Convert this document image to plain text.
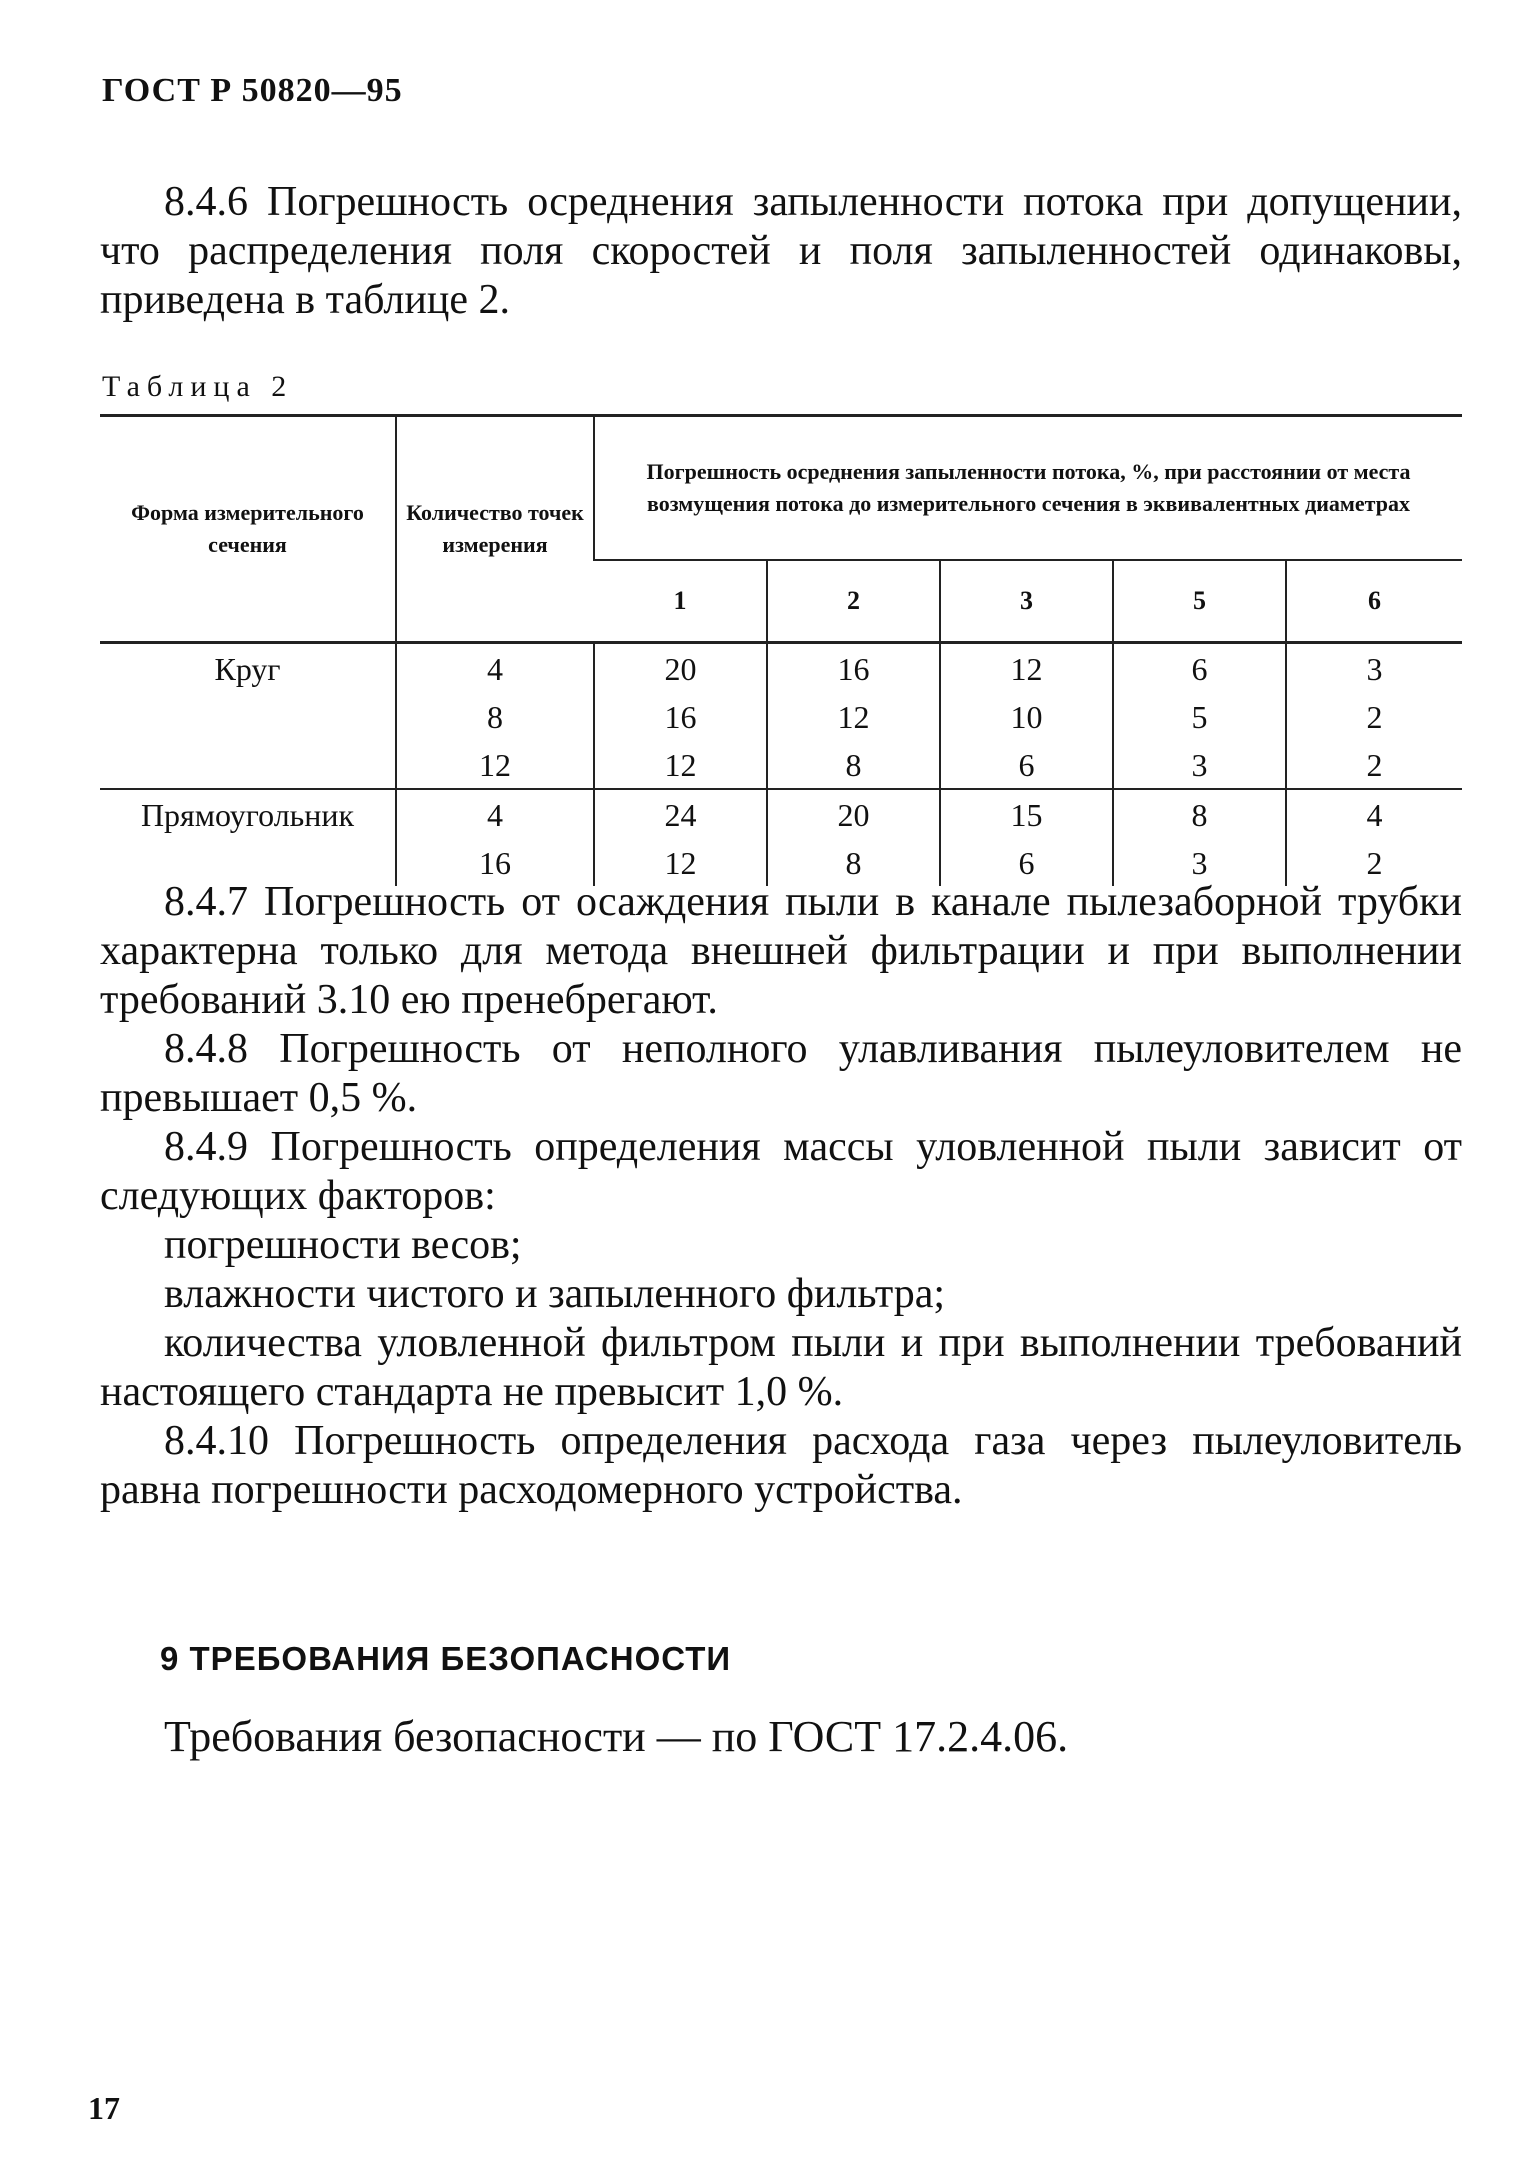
ГОСТ Р 50820—95
8.4.6 Погрешность осреднения запыленности потока при допущении, что распределения поля скоростей и поля запыленностей одинаковы, приведена в таблице 2.
Таблица 2
Форма измерительного сечения	Количество точек измерения	Погрешность осреднения запыленности потока, %, при расстоянии от места возмущения потока до измерительного сечения в эквивалентных диаметрах				
		1	2	3	5	6
Круг	4	20	16	12	6	3
	8	16	12	10	5	2
	12	12	8	6	3	2
Прямоугольник	4	24	20	15	8	4
	16	12	8	6	3	2
8.4.7 Погрешность от осаждения пыли в канале пылезаборной трубки характерна только для метода внешней фильтрации и при выполнении требований 3.10 ею пренебрегают.
8.4.8 Погрешность от неполного улавливания пылеуловителем не превышает 0,5 %.
8.4.9 Погрешность определения массы уловленной пыли зависит от следующих факторов:
погрешности весов;
влажности чистого и запыленного фильтра;
количества уловленной фильтром пыли и при выполнении требований настоящего стандарта не превысит 1,0 %.
8.4.10 Погрешность определения расхода газа через пылеуловитель равна погрешности расходомерного устройства.
9 ТРЕБОВАНИЯ БЕЗОПАСНОСТИ
Требования безопасности — по ГОСТ 17.2.4.06.
17
